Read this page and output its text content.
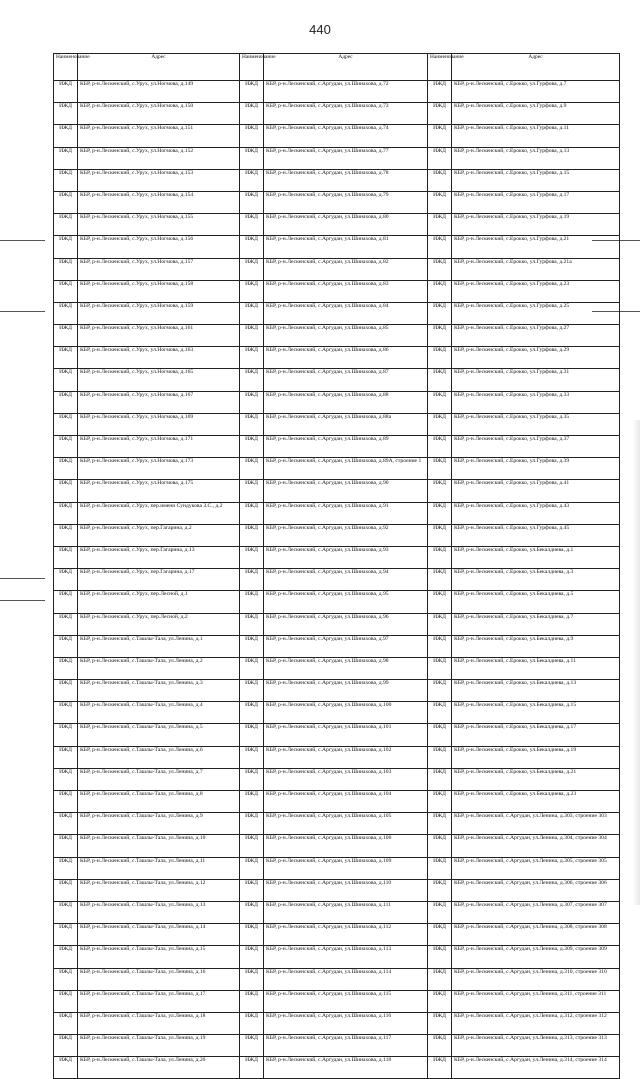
440
Наименование	Адрес	Наименование	Адрес	Наименование	Адрес
ИЖД	КБР, р-н.Лескенский, с.Урух, ул.Ногмова, д.149	ИЖД	КБР, р-н.Лескенский, с.Аргудан, ул.Шинахова, д.72	ИЖД	КБР, р-н.Лескенский, с.Ерокко, ул.Гурфова, д.7
ИЖД	КБР, р-н.Лескенский, с.Урух, ул.Ногмова, д.150	ИЖД	КБР, р-н.Лескенский, с.Аргудан, ул.Шинахова, д.73	ИЖД	КБР, р-н.Лескенский, с.Ерокко, ул.Гурфова, д.9
ИЖД	КБР, р-н.Лескенский, с.Урух, ул.Ногмова, д.151	ИЖД	КБР, р-н.Лескенский, с.Аргудан, ул.Шинахова, д.74	ИЖД	КБР, р-н.Лескенский, с.Ерокко, ул.Гурфова, д.11
ИЖД	КБР, р-н.Лескенский, с.Урух, ул.Ногмова, д.152	ИЖД	КБР, р-н.Лескенский, с.Аргудан, ул.Шинахова, д.77	ИЖД	КБР, р-н.Лескенский, с.Ерокко, ул.Гурфова, д.13
ИЖД	КБР, р-н.Лескенский, с.Урух, ул.Ногмова, д.153	ИЖД	КБР, р-н.Лескенский, с.Аргудан, ул.Шинахова, д.78	ИЖД	КБР, р-н.Лескенский, с.Ерокко, ул.Гурфова, д.15
ИЖД	КБР, р-н.Лескенский, с.Урух, ул.Ногмова, д.154	ИЖД	КБР, р-н.Лескенский, с.Аргудан, ул.Шинахова, д.79	ИЖД	КБР, р-н.Лескенский, с.Ерокко, ул.Гурфова, д.17
ИЖД	КБР, р-н.Лескенский, с.Урух, ул.Ногмова, д.155	ИЖД	КБР, р-н.Лескенский, с.Аргудан, ул.Шинахова, д.80	ИЖД	КБР, р-н.Лескенский, с.Ерокко, ул.Гурфова, д.19
ИЖД	КБР, р-н.Лескенский, с.Урух, ул.Ногмова, д.156	ИЖД	КБР, р-н.Лескенский, с.Аргудан, ул.Шинахова, д.81	ИЖД	КБР, р-н.Лескенский, с.Ерокко, ул.Гурфова, д.21
ИЖД	КБР, р-н.Лескенский, с.Урух, ул.Ногмова, д.157	ИЖД	КБР, р-н.Лескенский, с.Аргудан, ул.Шинахова, д.82	ИЖД	КБР, р-н.Лескенский, с.Ерокко, ул.Гурфова, д.21а
ИЖД	КБР, р-н.Лескенский, с.Урух, ул.Ногмова, д.158	ИЖД	КБР, р-н.Лескенский, с.Аргудан, ул.Шинахова, д.83	ИЖД	КБР, р-н.Лескенский, с.Ерокко, ул.Гурфова, д.23
ИЖД	КБР, р-н.Лескенский, с.Урух, ул.Ногмова, д.159	ИЖД	КБР, р-н.Лескенский, с.Аргудан, ул.Шинахова, д.84	ИЖД	КБР, р-н.Лескенский, с.Ерокко, ул.Гурфова, д.25
ИЖД	КБР, р-н.Лескенский, с.Урух, ул.Ногмова, д.161	ИЖД	КБР, р-н.Лескенский, с.Аргудан, ул.Шинахова, д.85	ИЖД	КБР, р-н.Лескенский, с.Ерокко, ул.Гурфова, д.27
ИЖД	КБР, р-н.Лескенский, с.Урух, ул.Ногмова, д.163	ИЖД	КБР, р-н.Лескенский, с.Аргудан, ул.Шинахова, д.86	ИЖД	КБР, р-н.Лескенский, с.Ерокко, ул.Гурфова, д.29
ИЖД	КБР, р-н.Лескенский, с.Урух, ул.Ногмова, д.165	ИЖД	КБР, р-н.Лескенский, с.Аргудан, ул.Шинахова, д.87	ИЖД	КБР, р-н.Лескенский, с.Ерокко, ул.Гурфова, д.31
ИЖД	КБР, р-н.Лескенский, с.Урух, ул.Ногмова, д.167	ИЖД	КБР, р-н.Лескенский, с.Аргудан, ул.Шинахова, д.88	ИЖД	КБР, р-н.Лескенский, с.Ерокко, ул.Гурфова, д.33
ИЖД	КБР, р-н.Лескенский, с.Урух, ул.Ногмова, д.169	ИЖД	КБР, р-н.Лескенский, с.Аргудан, ул.Шинахова, д.88а	ИЖД	КБР, р-н.Лескенский, с.Ерокко, ул.Гурфова, д.35
ИЖД	КБР, р-н.Лескенский, с.Урух, ул.Ногмова, д.171	ИЖД	КБР, р-н.Лескенский, с.Аргудан, ул.Шинахова, д.89	ИЖД	КБР, р-н.Лескенский, с.Ерокко, ул.Гурфова, д.37
ИЖД	КБР, р-н.Лескенский, с.Урух, ул.Ногмова, д.173	ИЖД	КБР, р-н.Лескенский, с.Аргудан, ул.Шинахова, д.89А, строение 1	ИЖД	КБР, р-н.Лескенский, с.Ерокко, ул.Гурфова, д.39
ИЖД	КБР, р-н.Лескенский, с.Урух, ул.Ногмова, д.175	ИЖД	КБР, р-н.Лескенский, с.Аргудан, ул.Шинахова, д.90	ИЖД	КБР, р-н.Лескенский, с.Ерокко, ул.Гурфова, д.41
ИЖД	КБР, р-н.Лескенский, с.Урух, пер.имени Сундукова З.С., д.2	ИЖД	КБР, р-н.Лескенский, с.Аргудан, ул.Шинахова, д.91	ИЖД	КБР, р-н.Лескенский, с.Ерокко, ул.Гурфова, д.43
ИЖД	КБР, р-н.Лескенский, с.Урух, пер.Гагарина, д.2	ИЖД	КБР, р-н.Лескенский, с.Аргудан, ул.Шинахова, д.92	ИЖД	КБР, р-н.Лескенский, с.Ерокко, ул.Гурфова, д.45
ИЖД	КБР, р-н.Лескенский, с.Урух, пер.Гагарина, д.13	ИЖД	КБР, р-н.Лескенский, с.Аргудан, ул.Шинахова, д.93	ИЖД	КБР, р-н.Лескенский, с.Ерокко, ул.Бекалдиева, д.1
ИЖД	КБР, р-н.Лескенский, с.Урух, пер.Гагарина, д.17	ИЖД	КБР, р-н.Лескенский, с.Аргудан, ул.Шинахова, д.94	ИЖД	КБР, р-н.Лескенский, с.Ерокко, ул.Бекалдиева, д.3
ИЖД	КБР, р-н.Лескенский, с.Урух, пер.Лесной, д.1	ИЖД	КБР, р-н.Лескенский, с.Аргудан, ул.Шинахова, д.95	ИЖД	КБР, р-н.Лескенский, с.Ерокко, ул.Бекалдиева, д.5
ИЖД	КБР, р-н.Лескенский, с.Урух, пер.Лесной, д.2	ИЖД	КБР, р-н.Лескенский, с.Аргудан, ул.Шинахова, д.96	ИЖД	КБР, р-н.Лескенский, с.Ерокко, ул.Бекалдиева, д.7
ИЖД	КБР, р-н.Лескенский, с.Ташлы-Тала, ул.Ленина, д.1	ИЖД	КБР, р-н.Лескенский, с.Аргудан, ул.Шинахова, д.97	ИЖД	КБР, р-н.Лескенский, с.Ерокко, ул.Бекалдиева, д.9
ИЖД	КБР, р-н.Лескенский, с.Ташлы-Тала, ул.Ленина, д.2	ИЖД	КБР, р-н.Лескенский, с.Аргудан, ул.Шинахова, д.98	ИЖД	КБР, р-н.Лескенский, с.Ерокко, ул.Бекалдиева, д.11
ИЖД	КБР, р-н.Лескенский, с.Ташлы-Тала, ул.Ленина, д.3	ИЖД	КБР, р-н.Лескенский, с.Аргудан, ул.Шинахова, д.99	ИЖД	КБР, р-н.Лескенский, с.Ерокко, ул.Бекалдиева, д.13
ИЖД	КБР, р-н.Лескенский, с.Ташлы-Тала, ул.Ленина, д.4	ИЖД	КБР, р-н.Лескенский, с.Аргудан, ул.Шинахова, д.100	ИЖД	КБР, р-н.Лескенский, с.Ерокко, ул.Бекалдиева, д.15
ИЖД	КБР, р-н.Лескенский, с.Ташлы-Тала, ул.Ленина, д.5	ИЖД	КБР, р-н.Лескенский, с.Аргудан, ул.Шинахова, д.101	ИЖД	КБР, р-н.Лескенский, с.Ерокко, ул.Бекалдиева, д.17
ИЖД	КБР, р-н.Лескенский, с.Ташлы-Тала, ул.Ленина, д.6	ИЖД	КБР, р-н.Лескенский, с.Аргудан, ул.Шинахова, д.102	ИЖД	КБР, р-н.Лескенский, с.Ерокко, ул.Бекалдиева, д.19
ИЖД	КБР, р-н.Лескенский, с.Ташлы-Тала, ул.Ленина, д.7	ИЖД	КБР, р-н.Лескенский, с.Аргудан, ул.Шинахова, д.103	ИЖД	КБР, р-н.Лескенский, с.Ерокко, ул.Бекалдиева, д.21
ИЖД	КБР, р-н.Лескенский, с.Ташлы-Тала, ул.Ленина, д.8	ИЖД	КБР, р-н.Лескенский, с.Аргудан, ул.Шинахова, д.104	ИЖД	КБР, р-н.Лескенский, с.Ерокко, ул.Бекалдиева, д.23
ИЖД	КБР, р-н.Лескенский, с.Ташлы-Тала, ул.Ленина, д.9	ИЖД	КБР, р-н.Лескенский, с.Аргудан, ул.Шинахова, д.105	ИЖД	КБР, р-н.Лескенский, с.Аргудан, ул.Ленина, д.303, строение 303
ИЖД	КБР, р-н.Лескенский, с.Ташлы-Тала, ул.Ленина, д.10	ИЖД	КБР, р-н.Лескенский, с.Аргудан, ул.Шинахова, д.106	ИЖД	КБР, р-н.Лескенский, с.Аргудан, ул.Ленина, д.304, строение 304
ИЖД	КБР, р-н.Лескенский, с.Ташлы-Тала, ул.Ленина, д.11	ИЖД	КБР, р-н.Лескенский, с.Аргудан, ул.Шинахова, д.109	ИЖД	КБР, р-н.Лескенский, с.Аргудан, ул.Ленина, д.305, строение 305
ИЖД	КБР, р-н.Лескенский, с.Ташлы-Тала, ул.Ленина, д.12	ИЖД	КБР, р-н.Лескенский, с.Аргудан, ул.Шинахова, д.110	ИЖД	КБР, р-н.Лескенский, с.Аргудан, ул.Ленина, д.306, строение 306
ИЖД	КБР, р-н.Лескенский, с.Ташлы-Тала, ул.Ленина, д.13	ИЖД	КБР, р-н.Лескенский, с.Аргудан, ул.Шинахова, д.111	ИЖД	КБР, р-н.Лескенский, с.Аргудан, ул.Ленина, д.307, строение 307
ИЖД	КБР, р-н.Лескенский, с.Ташлы-Тала, ул.Ленина, д.14	ИЖД	КБР, р-н.Лескенский, с.Аргудан, ул.Шинахова, д.112	ИЖД	КБР, р-н.Лескенский, с.Аргудан, ул.Ленина, д.308, строение 308
ИЖД	КБР, р-н.Лескенский, с.Ташлы-Тала, ул.Ленина, д.15	ИЖД	КБР, р-н.Лескенский, с.Аргудан, ул.Шинахова, д.113	ИЖД	КБР, р-н.Лескенский, с.Аргудан, ул.Ленина, д.309, строение 309
ИЖД	КБР, р-н.Лескенский, с.Ташлы-Тала, ул.Ленина, д.16	ИЖД	КБР, р-н.Лескенский, с.Аргудан, ул.Шинахова, д.114	ИЖД	КБР, р-н.Лескенский, с.Аргудан, ул.Ленина, д.310, строение 310
ИЖД	КБР, р-н.Лескенский, с.Ташлы-Тала, ул.Ленина, д.17	ИЖД	КБР, р-н.Лескенский, с.Аргудан, ул.Шинахова, д.115	ИЖД	КБР, р-н.Лескенский, с.Аргудан, ул.Ленина, д.311, строение 311
ИЖД	КБР, р-н.Лескенский, с.Ташлы-Тала, ул.Ленина, д.18	ИЖД	КБР, р-н.Лескенский, с.Аргудан, ул.Шинахова, д.116	ИЖД	КБР, р-н.Лескенский, с.Аргудан, ул.Ленина, д.312, строение 312
ИЖД	КБР, р-н.Лескенский, с.Ташлы-Тала, ул.Ленина, д.19	ИЖД	КБР, р-н.Лескенский, с.Аргудан, ул.Шинахова, д.117	ИЖД	КБР, р-н.Лескенский, с.Аргудан, ул.Ленина, д.313, строение 313
ИЖД	КБР, р-н.Лескенский, с.Ташлы-Тала, ул.Ленина, д.20	ИЖД	КБР, р-н.Лескенский, с.Аргудан, ул.Шинахова, д.118	ИЖД	КБР, р-н.Лескенский, с.Аргудан, ул.Ленина, д.314, строение 314
